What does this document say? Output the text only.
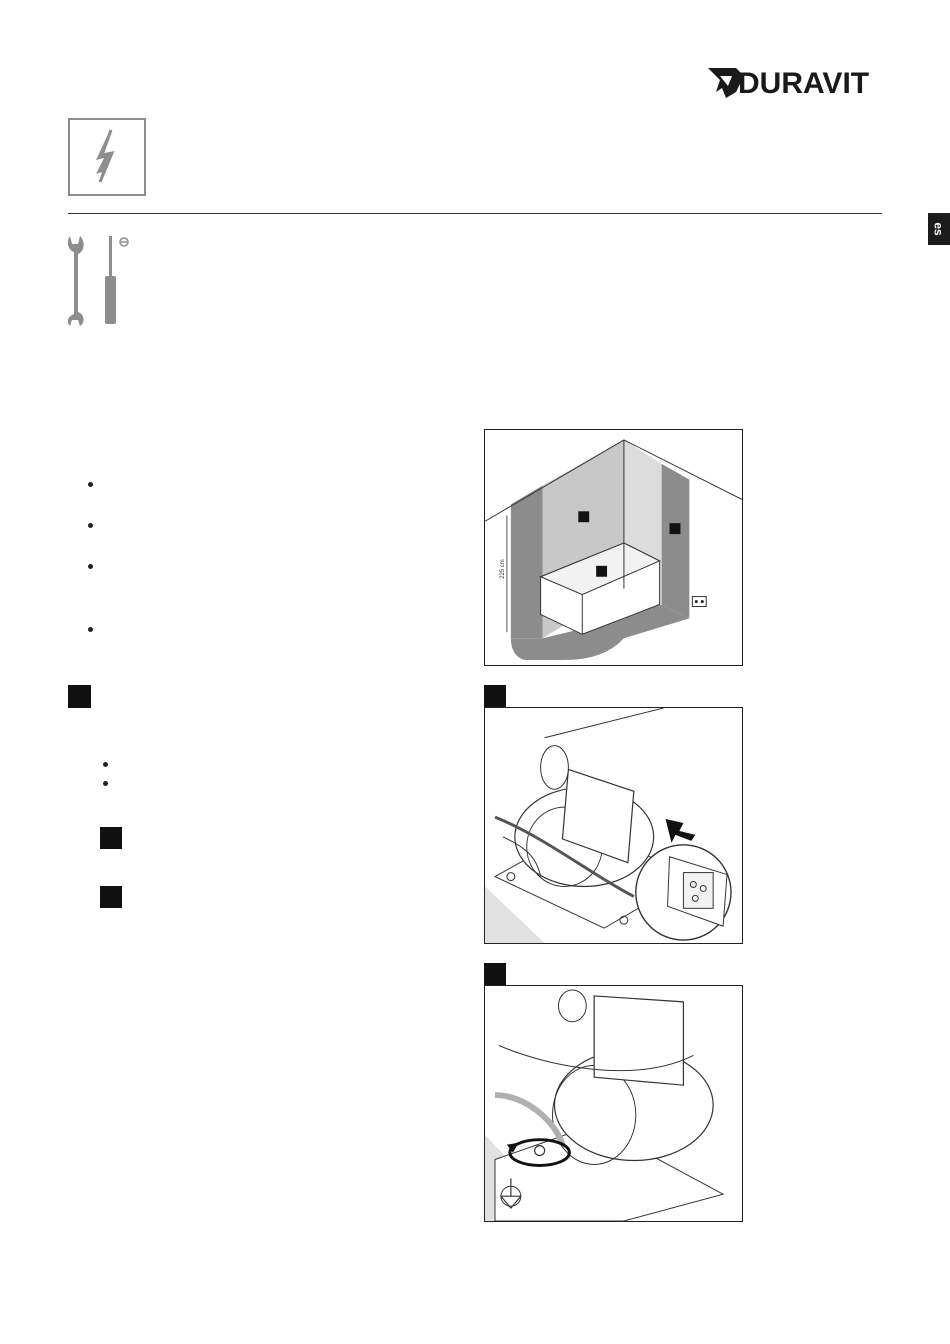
DURAVIT
es
225 cm
